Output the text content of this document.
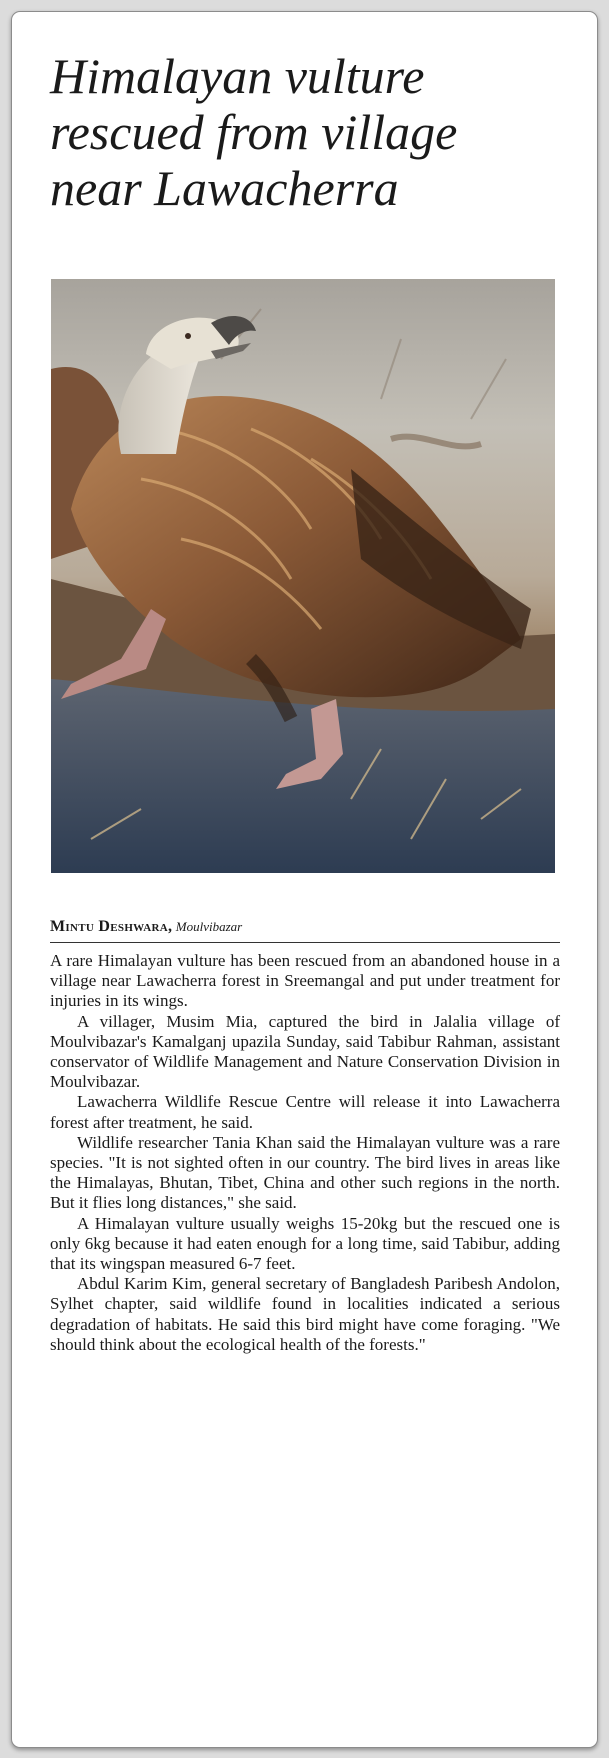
Himalayan vulture
rescued from village
near Lawacherra
Mintu Deshwara, Moulvibazar

A rare Himalayan vulture has been rescued from an abandoned house in a village near Lawacherra forest in Sreemangal and put under treatment for injuries in its wings.

A villager, Musim Mia, captured the bird in Jalalia village of Moulvibazar's Kamalganj upazila Sunday, said Tabibur Rahman, assistant conservator of Wildlife Management and Nature Conservation Division in Moulvibazar.

Lawacherra Wildlife Rescue Centre will release it into Lawacherra forest after treatment, he said.

Wildlife researcher Tania Khan said the Himalayan vulture was a rare species. "It is not sighted often in our country. The bird lives in areas like the Himalayas, Bhutan, Tibet, China and other such regions in the north. But it flies long distances," she said.

A Himalayan vulture usually weighs 15-20kg but the rescued one is only 6kg because it had eaten enough for a long time, said Tabibur, adding that its wingspan measured 6-7 feet.

Abdul Karim Kim, general secretary of Bangladesh Paribesh Andolon, Sylhet chapter, said wildlife found in localities indicated a serious degradation of habitats. He said this bird might have come foraging. "We should think about the ecological health of the forests."
